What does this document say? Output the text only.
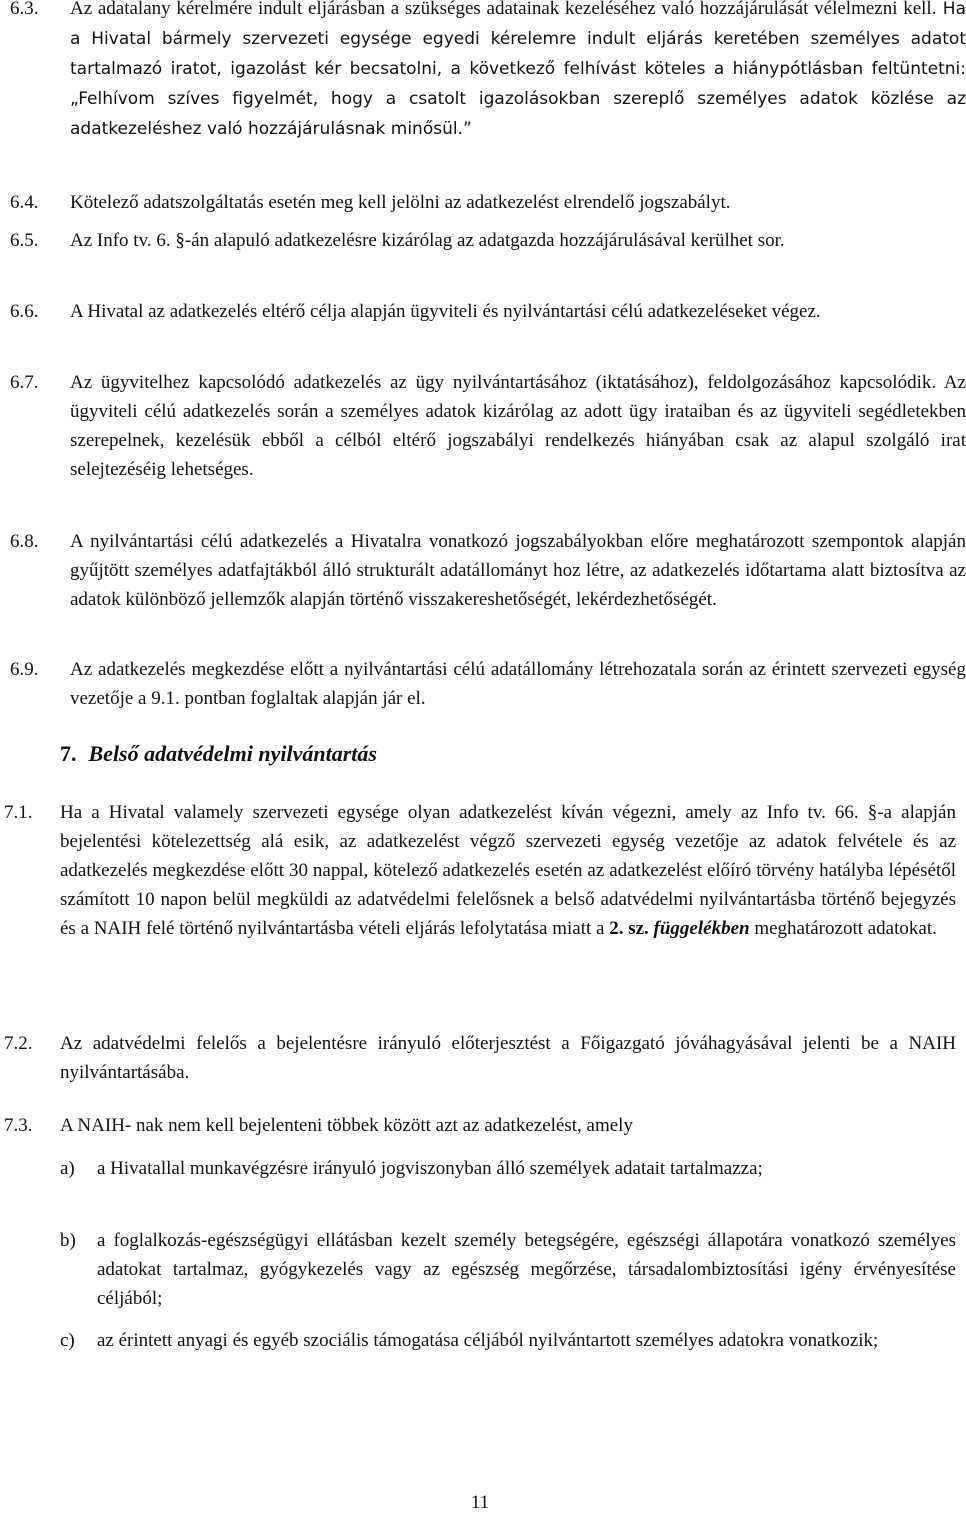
6.3. Az adatalany kérelmére indult eljárásban a szükséges adatainak kezeléséhez való hozzájárulását vélelmezni kell. Ha a Hivatal bármely szervezeti egysége egyedi kérelemre indult eljárás keretében személyes adatot tartalmazó iratot, igazolást kér becsatolni, a következő felhívást köteles a hiánypótlásban feltüntetni: „Felhívom szíves figyelmét, hogy a csatolt igazolásokban szereplő személyes adatok közlése az adatkezeléshez való hozzájárulásnak minősül.”
6.4. Kötelező adatszolgáltatás esetén meg kell jelölni az adatkezelést elrendelő jogszabályt.
6.5. Az Info tv. 6. §-án alapuló adatkezelésre kizárólag az adatgazda hozzájárulásával kerülhet sor.
6.6. A Hivatal az adatkezelés eltérő célja alapján ügyviteli és nyilvántartási célú adatkezeléseket végez.
6.7. Az ügyvitelhez kapcsolódó adatkezelés az ügy nyilvántartásához (iktatásához), feldolgozásához kapcsolódik. Az ügyviteli célú adatkezelés során a személyes adatok kizárólag az adott ügy irataiban és az ügyviteli segédletekben szerepelnek, kezelésük ebből a célból eltérő jogszabályi rendelkezés hiányában csak az alapul szolgáló irat selejtezéséig lehetséges.
6.8. A nyilvántartási célú adatkezelés a Hivatalra vonatkozó jogszabályokban előre meghatározott szempontok alapján gyűjtött személyes adatfajtákból álló strukturált adatállományt hoz létre, az adatkezelés időtartama alatt biztosítva az adatok különböző jellemzők alapján történő visszakereshetőségét, lekérdezhetőségét.
6.9. Az adatkezelés megkezdése előtt a nyilvántartási célú adatállomány létrehozatala során az érintett szervezeti egység vezetője a 9.1. pontban foglaltak alapján jár el.
7. Belső adatvédelmi nyilvántartás
7.1. Ha a Hivatal valamely szervezeti egysége olyan adatkezelést kíván végezni, amely az Info tv. 66. §-a alapján bejelentési kötelezettség alá esik, az adatkezelést végző szervezeti egység vezetője az adatok felvétele és az adatkezelés megkezdése előtt 30 nappal, kötelező adatkezelés esetén az adatkezelést előíró törvény hatályba lépésétől számított 10 napon belül megküldi az adatvédelmi felelősnek a belső adatvédelmi nyilvántartásba történő bejegyzés és a NAIH felé történő nyilvántartásba vételi eljárás lefolytatása miatt a 2. sz. függelékben meghatározott adatokat.
7.2. Az adatvédelmi felelős a bejelentésre irányuló előterjesztést a Főigazgató jóváhagyásával jelenti be a NAIH nyilvántartásába.
7.3. A NAIH- nak nem kell bejelenteni többek között azt az adatkezelést, amely
a) a Hivatallal munkavégzésre irányuló jogviszonyban álló személyek adatait tartalmazza;
b) a foglalkozás-egészségügyi ellátásban kezelt személy betegségére, egészségi állapotára vonatkozó személyes adatokat tartalmaz, gyógykezelés vagy az egészség megőrzése, társadalombiztosítási igény érvényesítése céljából;
c) az érintett anyagi és egyéb szociális támogatása céljából nyilvántartott személyes adatokra vonatkozik;
11
